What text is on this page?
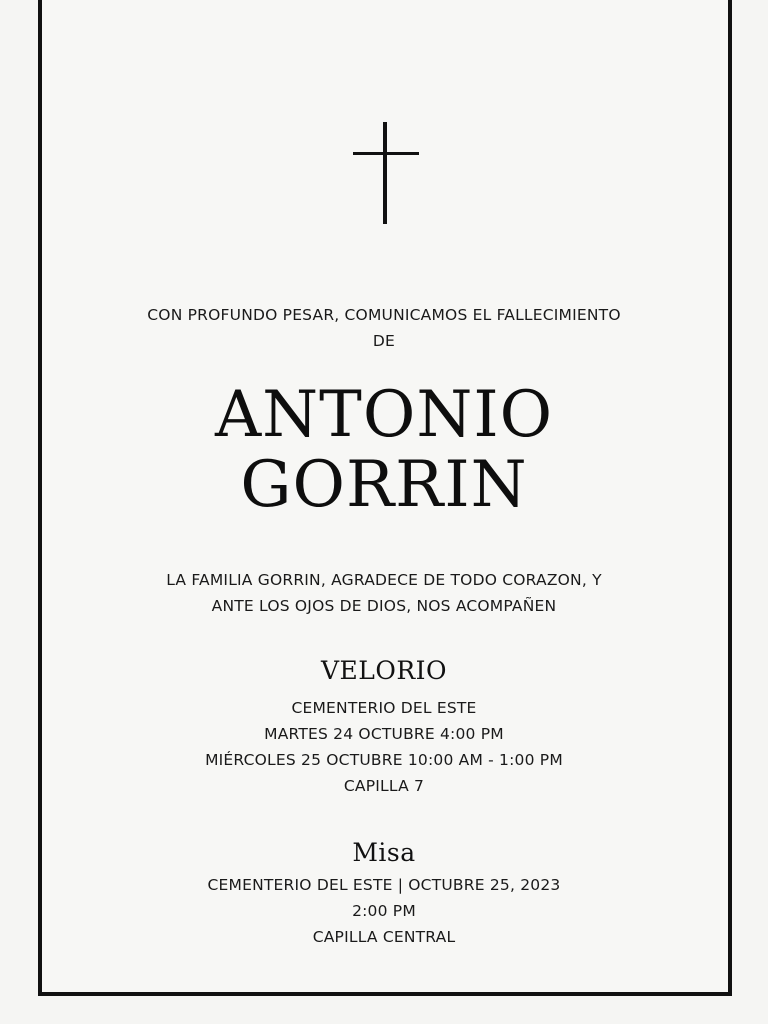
CON PROFUNDO PESAR, COMUNICAMOS EL FALLECIMIENTO
DE
ANTONIO
GORRIN
LA FAMILIA GORRIN, AGRADECE DE TODO CORAZON, Y
ANTE LOS OJOS DE DIOS, NOS ACOMPAÑEN
VELORIO
CEMENTERIO DEL ESTE
MARTES 24 OCTUBRE 4:00 PM
MIÉRCOLES 25 OCTUBRE 10:00 AM - 1:00 PM
CAPILLA 7
Misa
CEMENTERIO DEL ESTE | OCTUBRE 25, 2023
2:00 PM
CAPILLA CENTRAL
